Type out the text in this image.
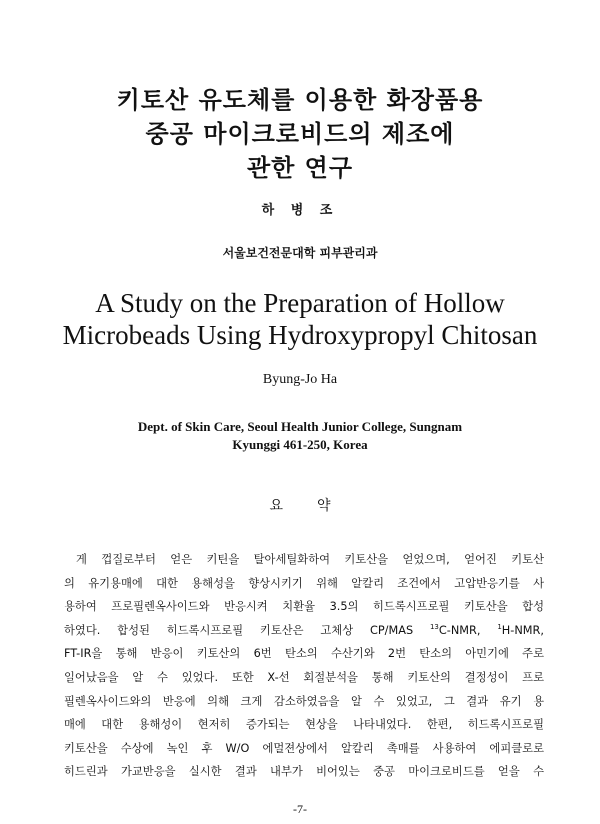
키토산 유도체를 이용한 화장품용
중공 마이크로비드의 제조에
관한 연구
하 병 조
서울보건전문대학 피부관리과
A Study on the Preparation of Hollow
Microbeads Using Hydroxypropyl Chitosan
Byung-Jo Ha
Dept. of Skin Care, Seoul Health Junior College, Sungnam
Kyunggi 461-250, Korea
요 약
게 껍질로부터 얻은 키틴을 탈아세틸화하여 키토산을 얻었으며, 얻어진 키토산
의 유기용매에 대한 용해성을 향상시키기 위해 알칼리 조건에서 고압반응기를 사
용하여 프로필렌옥사이드와 반응시켜 치환율 3.5의 히드록시프로필 키토산을 합성
하였다. 합성된 히드록시프로필 키토산은 고체상 CP/MAS $^{13}$C-NMR, $^1$H-NMR,
FT-IR을 통해 반응이 키토산의 6번 탄소의 수산기와 2번 탄소의 아민기에 주로
일어났음을 알 수 있었다. 또한 X-선 회절분석을 통해 키토산의 결정성이 프로
필렌옥사이드와의 반응에 의해 크게 감소하였음을 알 수 있었고, 그 결과 유기 용
매에 대한 용해성이 현저히 증가되는 현상을 나타내었다. 한편, 히드록시프로필
키토산을 수상에 녹인 후 W/O 에멀젼상에서 알칼리 촉매를 사용하여 에피클로로
히드린과 가교반응을 실시한 결과 내부가 비어있는 중공 마이크로비드를 얻을 수
-7-
